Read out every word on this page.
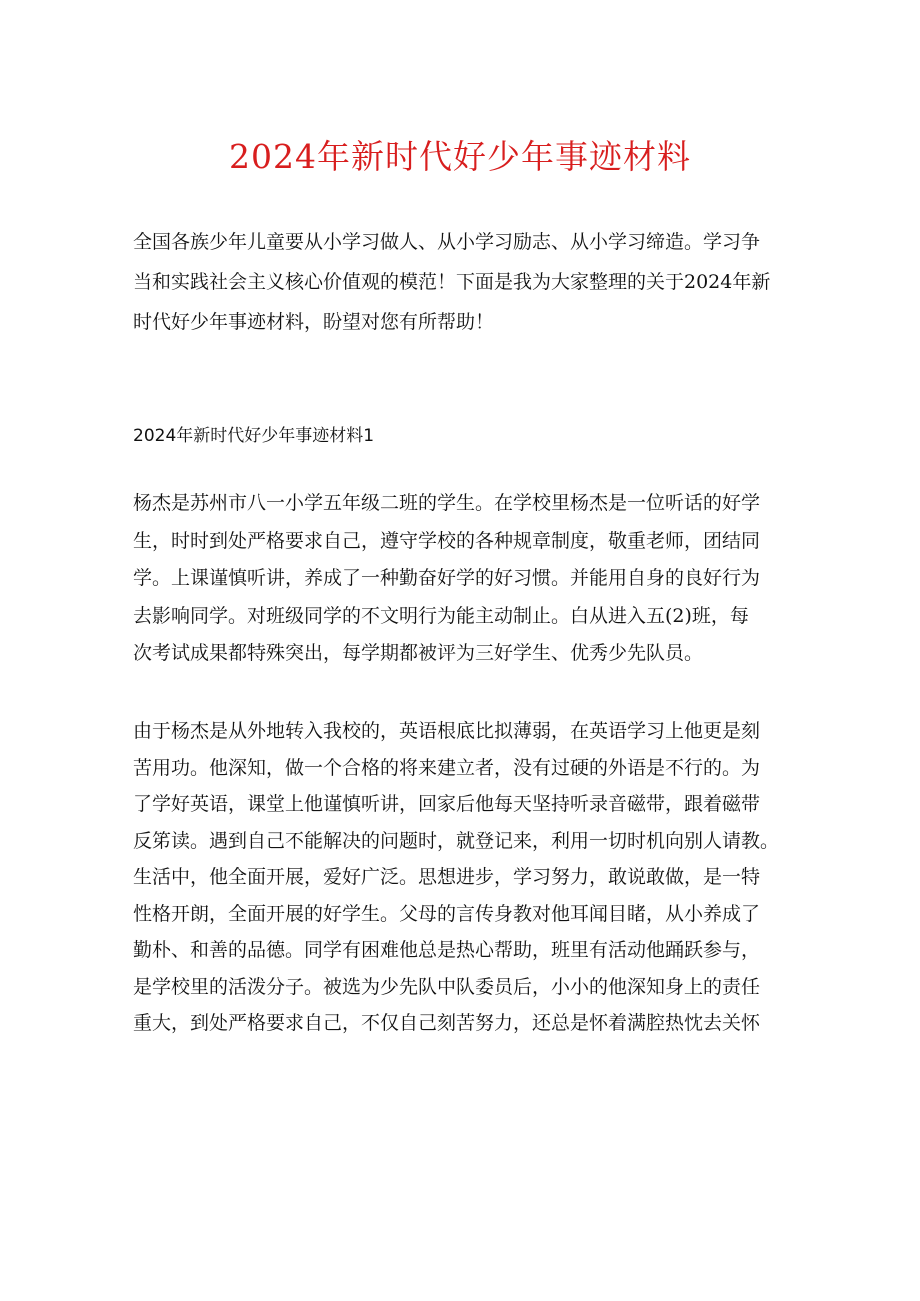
2024年新时代好少年事迹材料
全国各族少年儿童要从小学习做人、从小学习励志、从小学习缔造。学习争
当和实践社会主义核心价值观的模范！下面是我为大家整理的关于2024年新
时代好少年事迹材料，盼望对您有所帮助！
2024年新时代好少年事迹材料1
杨杰是苏州市八一小学五年级二班的学生。在学校里杨杰是一位听话的好学
生，时时到处严格要求自己，遵守学校的各种规章制度，敬重老师，团结同
学。上课谨慎听讲，养成了一种勤奋好学的好习惯。并能用自身的良好行为
去影响同学。对班级同学的不文明行为能主动制止。白从进入五(2)班，每
次考试成果都特殊突出，每学期都被评为三好学生、优秀少先队员。
由于杨杰是从外地转入我校的，英语根底比拟薄弱，在英语学习上他更是刻
苦用功。他深知，做一个合格的将来建立者，没有过硬的外语是不行的。为
了学好英语，课堂上他谨慎听讲，回家后他每天坚持听录音磁带，跟着磁带
反笫读。遇到自己不能解决的问题时，就登记来，利用一切时机向别人请教。
生活中，他全面开展，爱好广泛。思想进步，学习努力，敢说敢做，是一特
性格开朗，全面开展的好学生。父母的言传身教对他耳闻目睹，从小养成了
勤朴、和善的品德。同学有困难他总是热心帮助，班里有活动他踊跃参与，
是学校里的活泼分子。被选为少先队中队委员后，小小的他深知身上的责任
重大，到处严格要求自己，不仅自己刻苦努力，还总是怀着满腔热忱去关怀
